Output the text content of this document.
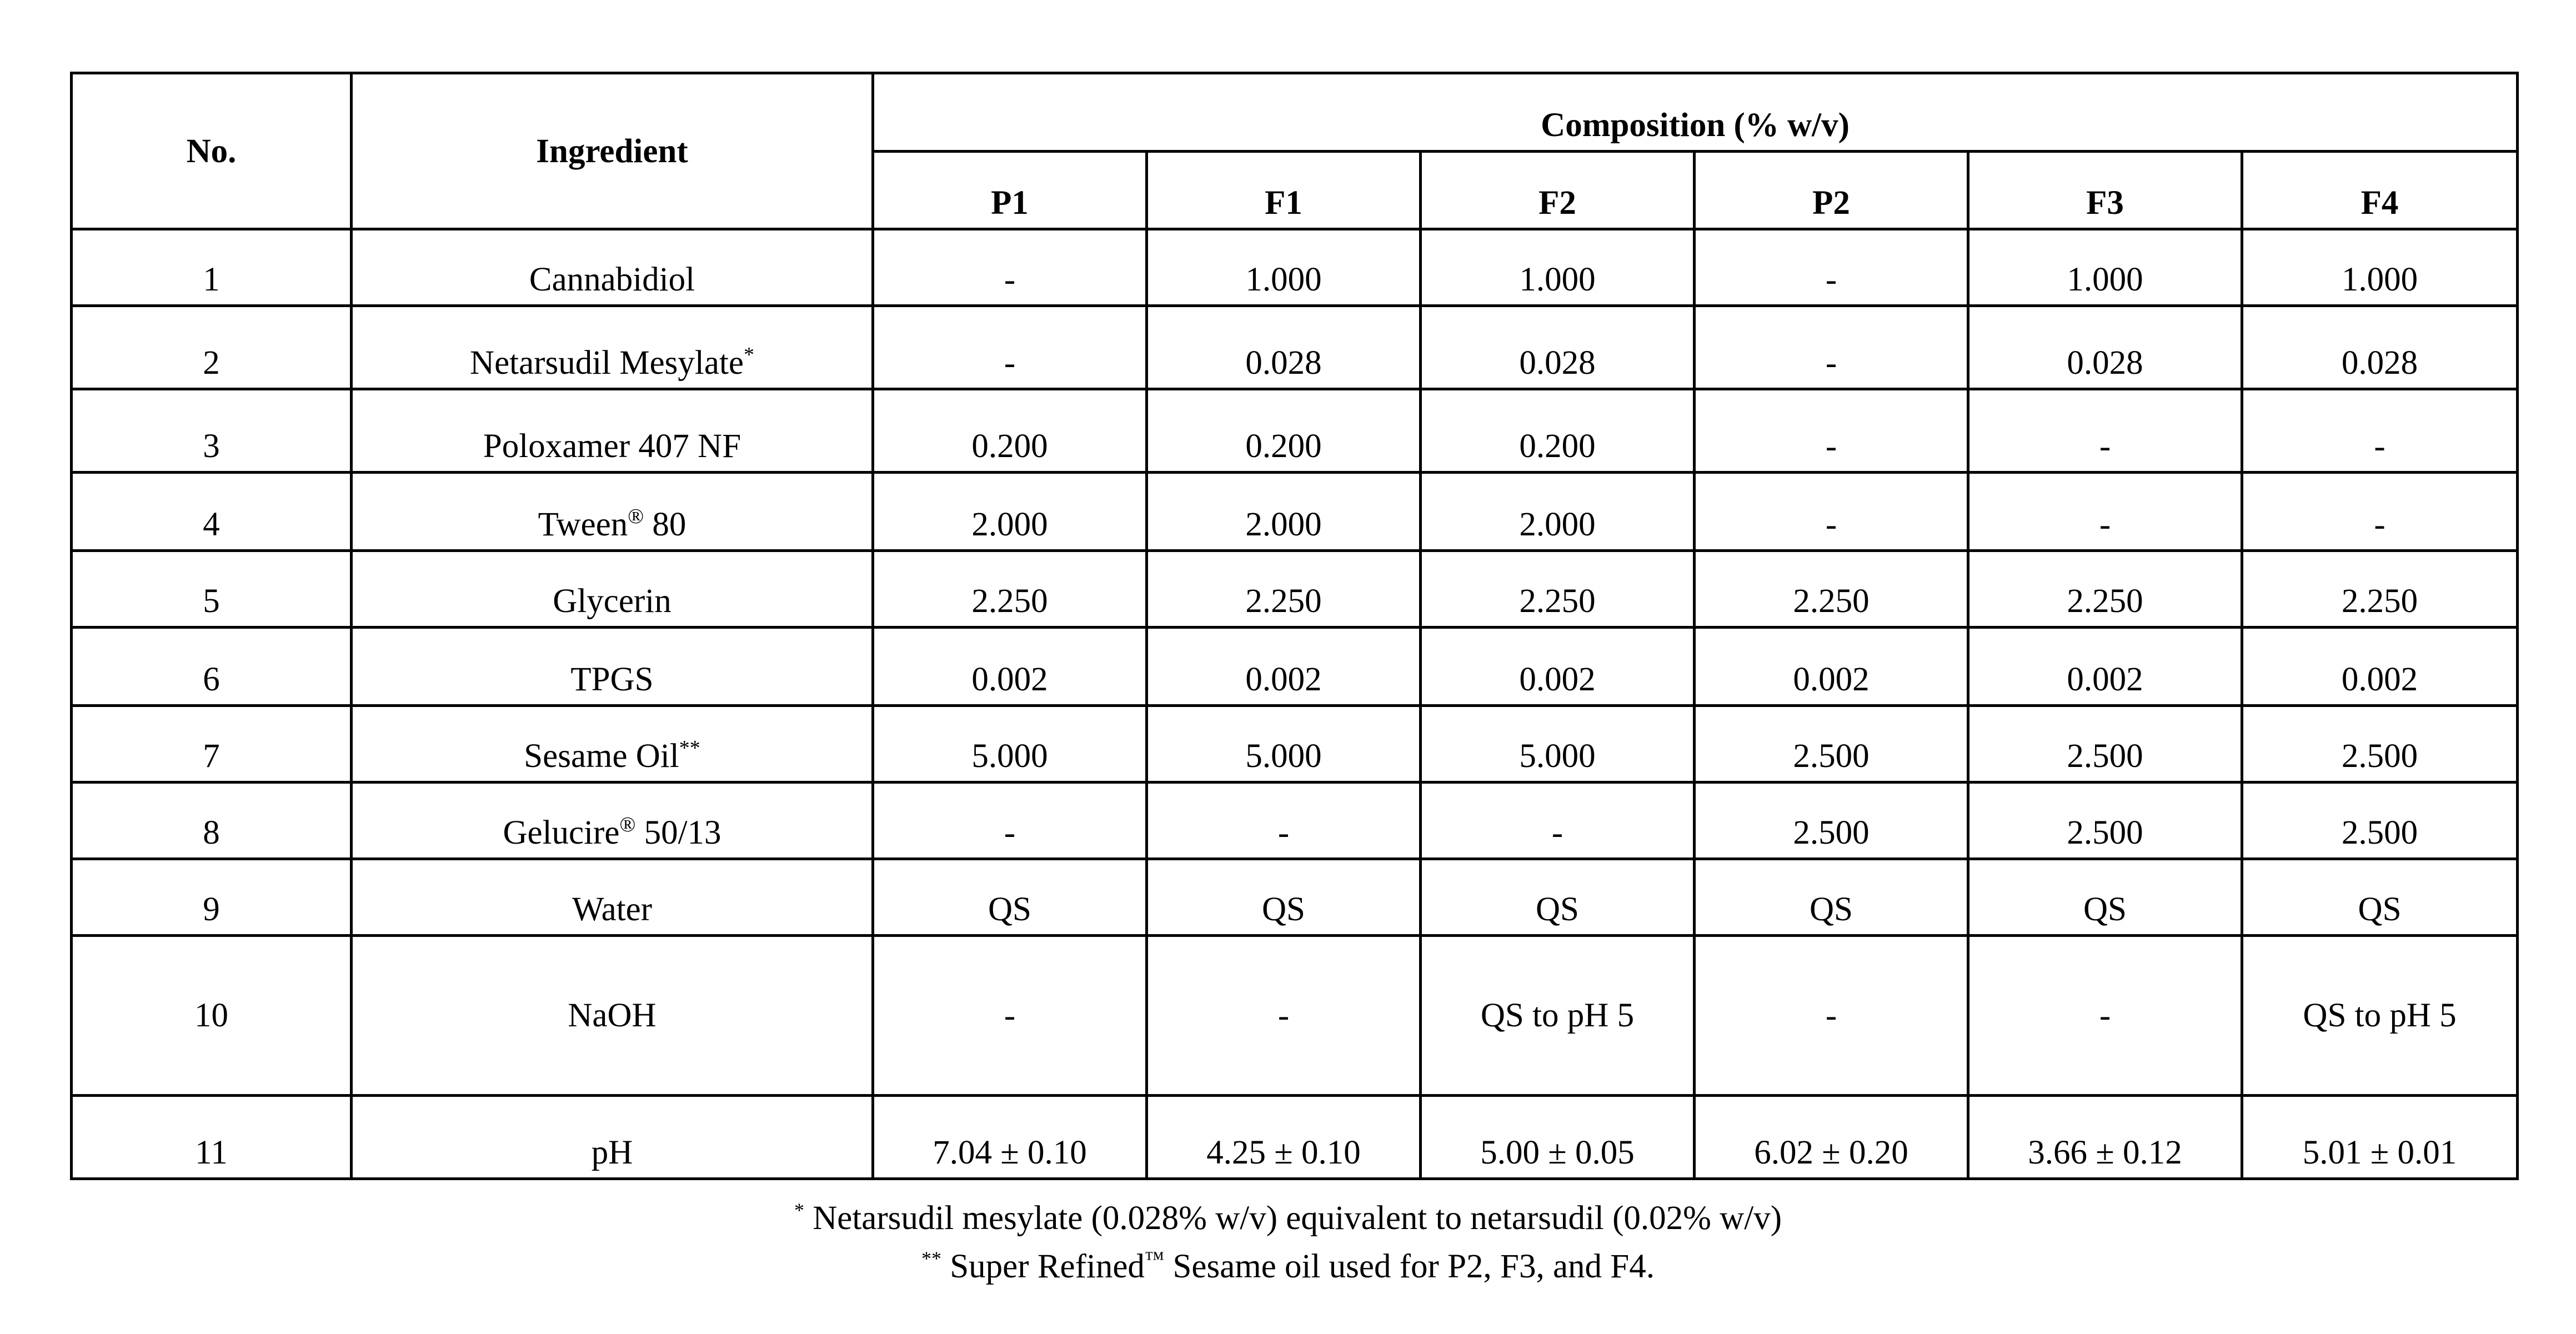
No.	Ingredient	Composition (% w/v)					
		P1	F1	F2	P2	F3	F4
1	Cannabidiol	-	1.000	1.000	-	1.000	1.000
2	Netarsudil Mesylate*	-	0.028	0.028	-	0.028	0.028
3	Poloxamer 407 NF	0.200	0.200	0.200	-	-	-
4	Tween® 80	2.000	2.000	2.000	-	-	-
5	Glycerin	2.250	2.250	2.250	2.250	2.250	2.250
6	TPGS	0.002	0.002	0.002	0.002	0.002	0.002
7	Sesame Oil**	5.000	5.000	5.000	2.500	2.500	2.500
8	Gelucire® 50/13	-	-	-	2.500	2.500	2.500
9	Water	QS	QS	QS	QS	QS	QS
10	NaOH	-	-	QS to pH 5	-	-	QS to pH 5
11	pH	7.04 ± 0.10	4.25 ± 0.10	5.00 ± 0.05	6.02 ± 0.20	3.66 ± 0.12	5.01 ± 0.01
* Netarsudil mesylate (0.028% w/v) equivalent to netarsudil (0.02% w/v)
** Super Refined™ Sesame oil used for P2, F3, and F4.
